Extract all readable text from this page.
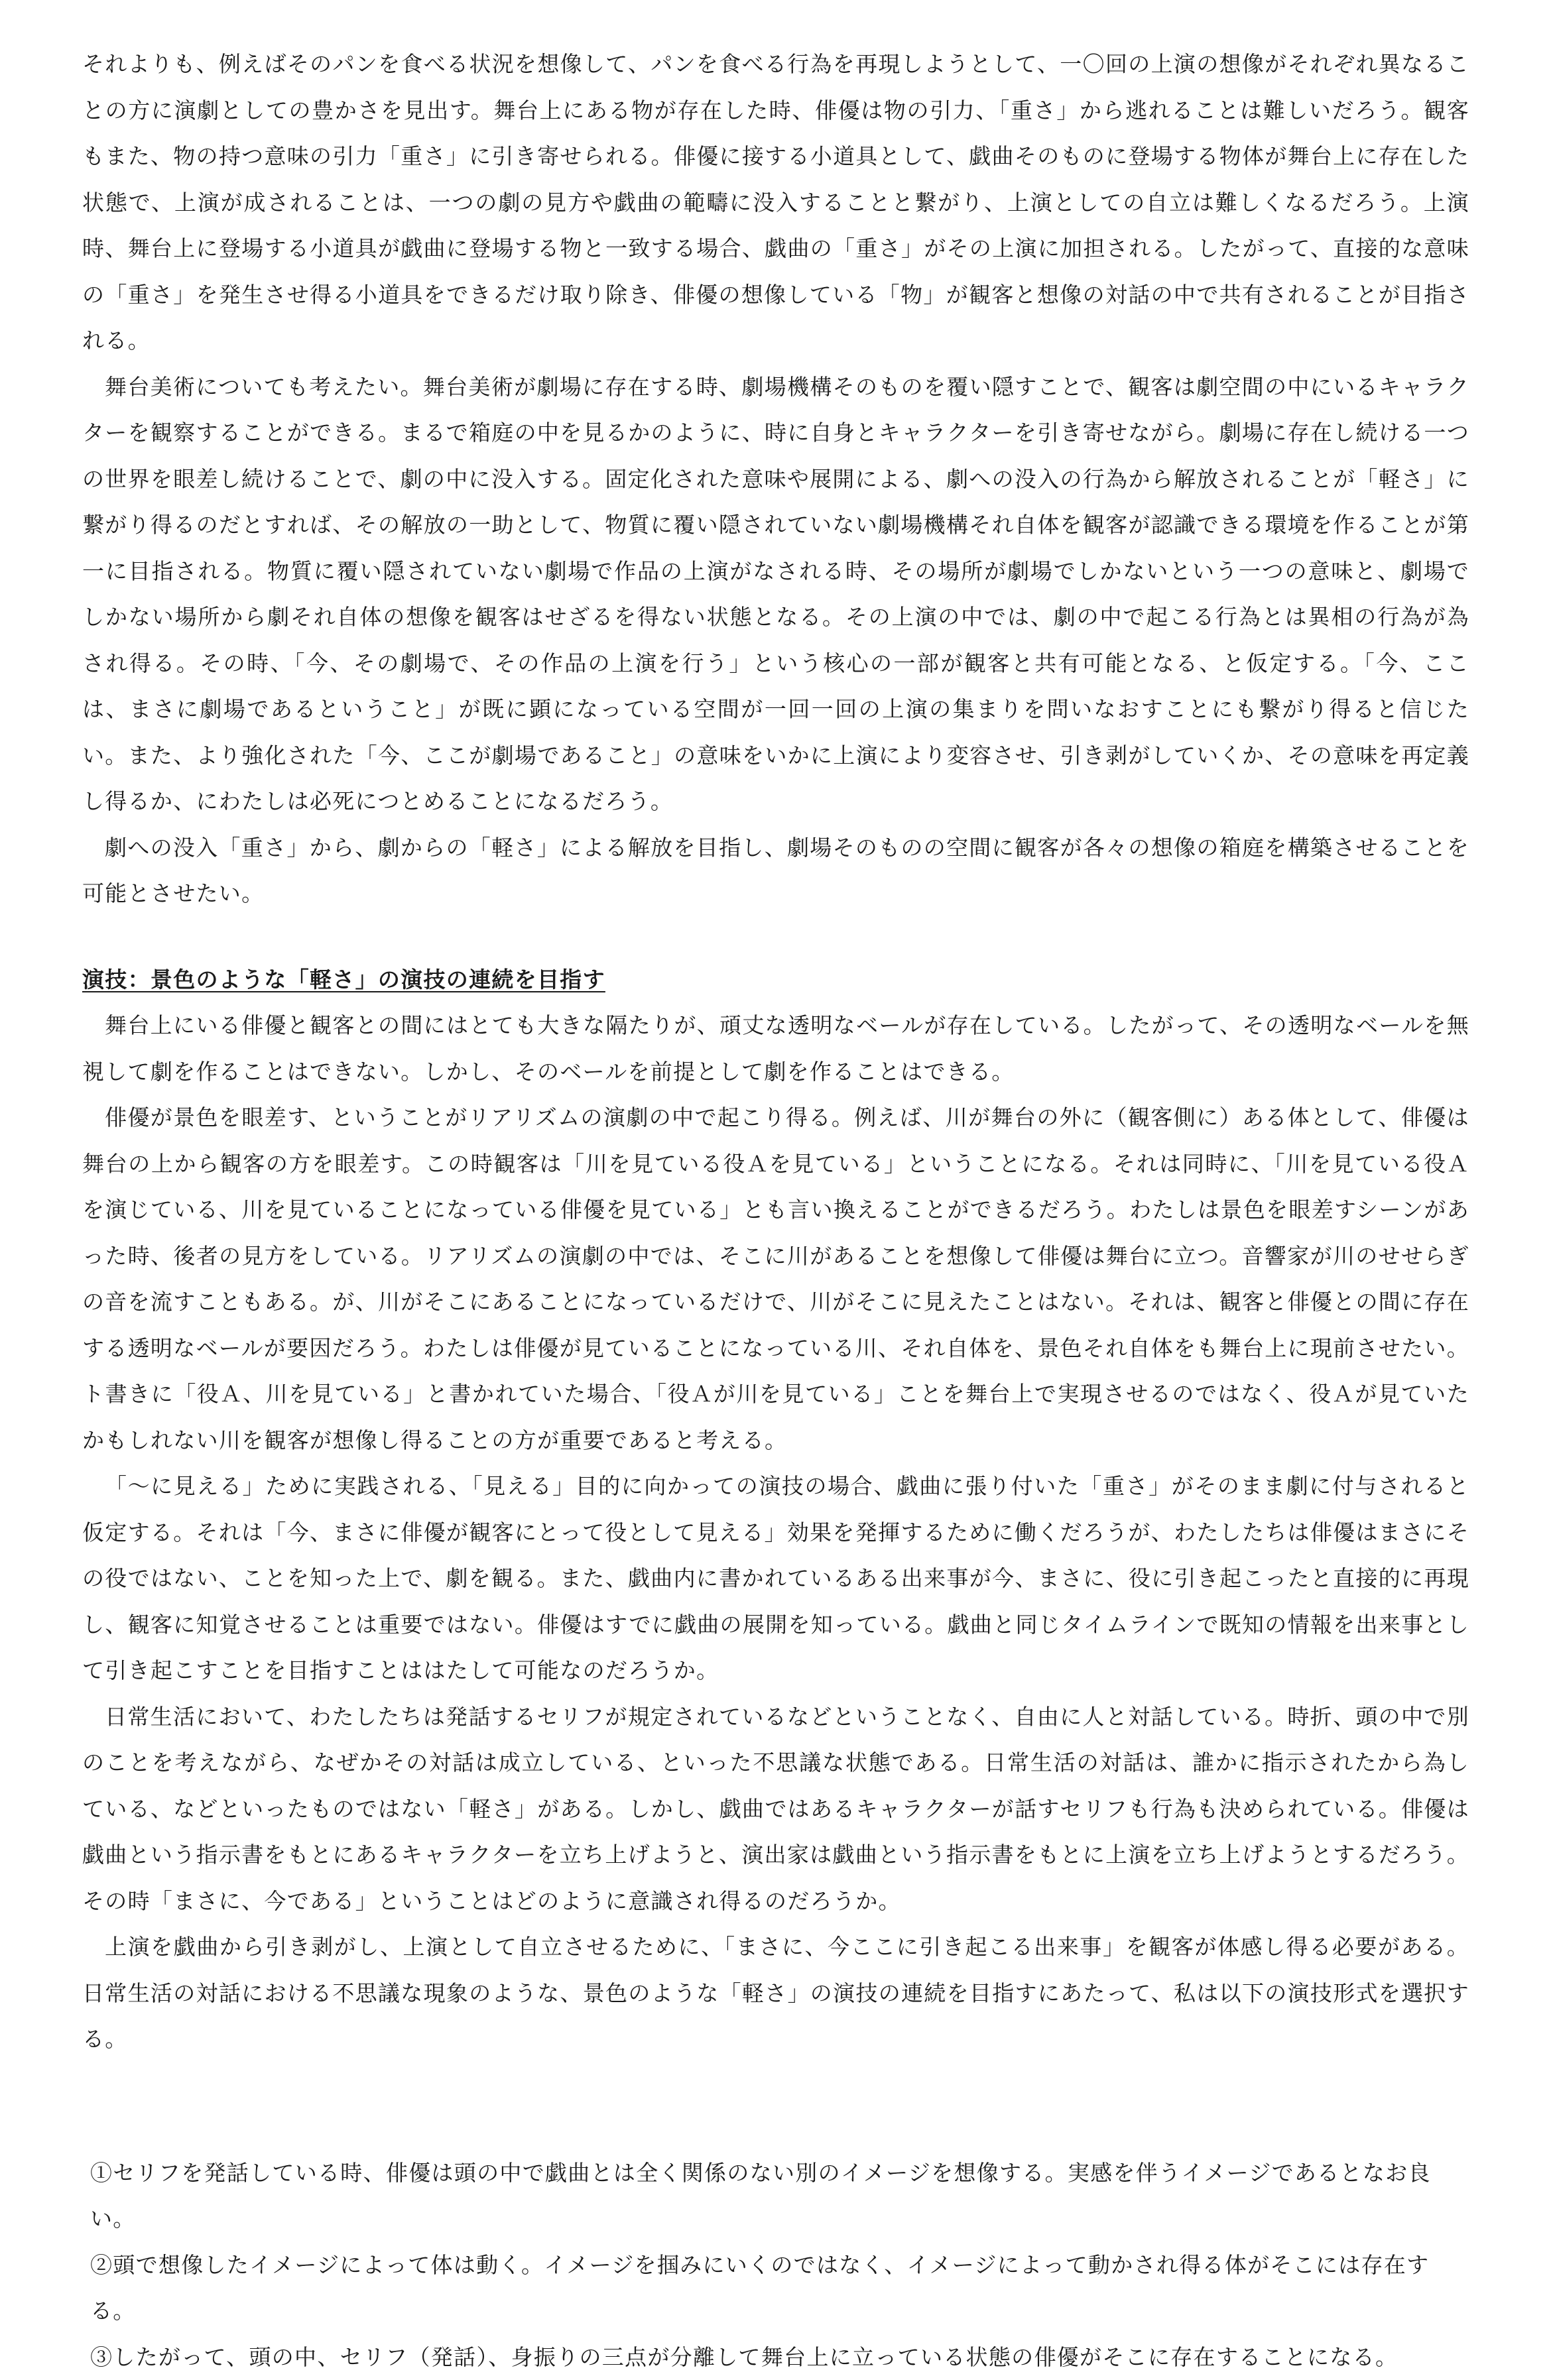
それよりも、例えばそのパンを食べる状況を想像して、パンを食べる行為を再現しようとして、一〇回の上演の想像がそれぞれ異なることの方に演劇としての豊かさを見出す。舞台上にある物が存在した時、俳優は物の引力、「重さ」から逃れることは難しいだろう。観客もまた、物の持つ意味の引力「重さ」に引き寄せられる。俳優に接する小道具として、戯曲そのものに登場する物体が舞台上に存在した状態で、上演が成されることは、一つの劇の見方や戯曲の範疇に没入することと繋がり、上演としての自立は難しくなるだろう。上演時、舞台上に登場する小道具が戯曲に登場する物と一致する場合、戯曲の「重さ」がその上演に加担される。したがって、直接的な意味の「重さ」を発生させ得る小道具をできるだけ取り除き、俳優の想像している「物」が観客と想像の対話の中で共有されることが目指される。

舞台美術についても考えたい。舞台美術が劇場に存在する時、劇場機構そのものを覆い隠すことで、観客は劇空間の中にいるキャラクターを観察することができる。まるで箱庭の中を見るかのように、時に自身とキャラクターを引き寄せながら。劇場に存在し続ける一つの世界を眼差し続けることで、劇の中に没入する。固定化された意味や展開による、劇への没入の行為から解放されることが「軽さ」に繋がり得るのだとすれば、その解放の一助として、物質に覆い隠されていない劇場機構それ自体を観客が認識できる環境を作ることが第一に目指される。物質に覆い隠されていない劇場で作品の上演がなされる時、その場所が劇場でしかないという一つの意味と、劇場でしかない場所から劇それ自体の想像を観客はせざるを得ない状態となる。その上演の中では、劇の中で起こる行為とは異相の行為が為され得る。その時、「今、その劇場で、その作品の上演を行う」という核心の一部が観客と共有可能となる、と仮定する。「今、ここは、まさに劇場であるということ」が既に顕になっている空間が一回一回の上演の集まりを問いなおすことにも繋がり得ると信じたい。また、より強化された「今、ここが劇場であること」の意味をいかに上演により変容させ、引き剥がしていくか、その意味を再定義し得るか、にわたしは必死につとめることになるだろう。

劇への没入「重さ」から、劇からの「軽さ」による解放を目指し、劇場そのものの空間に観客が各々の想像の箱庭を構築させることを可能とさせたい。

演技：景色のような「軽さ」の演技の連続を目指す

舞台上にいる俳優と観客との間にはとても大きな隔たりが、頑丈な透明なベールが存在している。したがって、その透明なベールを無視して劇を作ることはできない。しかし、そのベールを前提として劇を作ることはできる。

俳優が景色を眼差す、ということがリアリズムの演劇の中で起こり得る。例えば、川が舞台の外に（観客側に）ある体として、俳優は舞台の上から観客の方を眼差す。この時観客は「川を見ている役Ａを見ている」ということになる。それは同時に、「川を見ている役Ａを演じている、川を見ていることになっている俳優を見ている」とも言い換えることができるだろう。わたしは景色を眼差すシーンがあった時、後者の見方をしている。リアリズムの演劇の中では、そこに川があることを想像して俳優は舞台に立つ。音響家が川のせせらぎの音を流すこともある。が、川がそこにあることになっているだけで、川がそこに見えたことはない。それは、観客と俳優との間に存在する透明なベールが要因だろう。わたしは俳優が見ていることになっている川、それ自体を、景色それ自体をも舞台上に現前させたい。ト書きに「役Ａ、川を見ている」と書かれていた場合、「役Ａが川を見ている」ことを舞台上で実現させるのではなく、役Ａが見ていたかもしれない川を観客が想像し得ることの方が重要であると考える。

「〜に見える」ために実践される、「見える」目的に向かっての演技の場合、戯曲に張り付いた「重さ」がそのまま劇に付与されると仮定する。それは「今、まさに俳優が観客にとって役として見える」効果を発揮するために働くだろうが、わたしたちは俳優はまさにその役ではない、ことを知った上で、劇を観る。また、戯曲内に書かれているある出来事が今、まさに、役に引き起こったと直接的に再現し、観客に知覚させることは重要ではない。俳優はすでに戯曲の展開を知っている。戯曲と同じタイムラインで既知の情報を出来事として引き起こすことを目指すことははたして可能なのだろうか。

日常生活において、わたしたちは発話するセリフが規定されているなどということなく、自由に人と対話している。時折、頭の中で別のことを考えながら、なぜかその対話は成立している、といった不思議な状態である。日常生活の対話は、誰かに指示されたから為している、などといったものではない「軽さ」がある。しかし、戯曲ではあるキャラクターが話すセリフも行為も決められている。俳優は戯曲という指示書をもとにあるキャラクターを立ち上げようと、演出家は戯曲という指示書をもとに上演を立ち上げようとするだろう。その時「まさに、今である」ということはどのように意識され得るのだろうか。

上演を戯曲から引き剥がし、上演として自立させるために、「まさに、今ここに引き起こる出来事」を観客が体感し得る必要がある。日常生活の対話における不思議な現象のような、景色のような「軽さ」の演技の連続を目指すにあたって、私は以下の演技形式を選択する。

①セリフを発話している時、俳優は頭の中で戯曲とは全く関係のない別のイメージを想像する。実感を伴うイメージであるとなお良い。
②頭で想像したイメージによって体は動く。イメージを掴みにいくのではなく、イメージによって動かされ得る体がそこには存在する。
③したがって、頭の中、セリフ（発話）、身振りの三点が分離して舞台上に立っている状態の俳優がそこに存在することになる。
